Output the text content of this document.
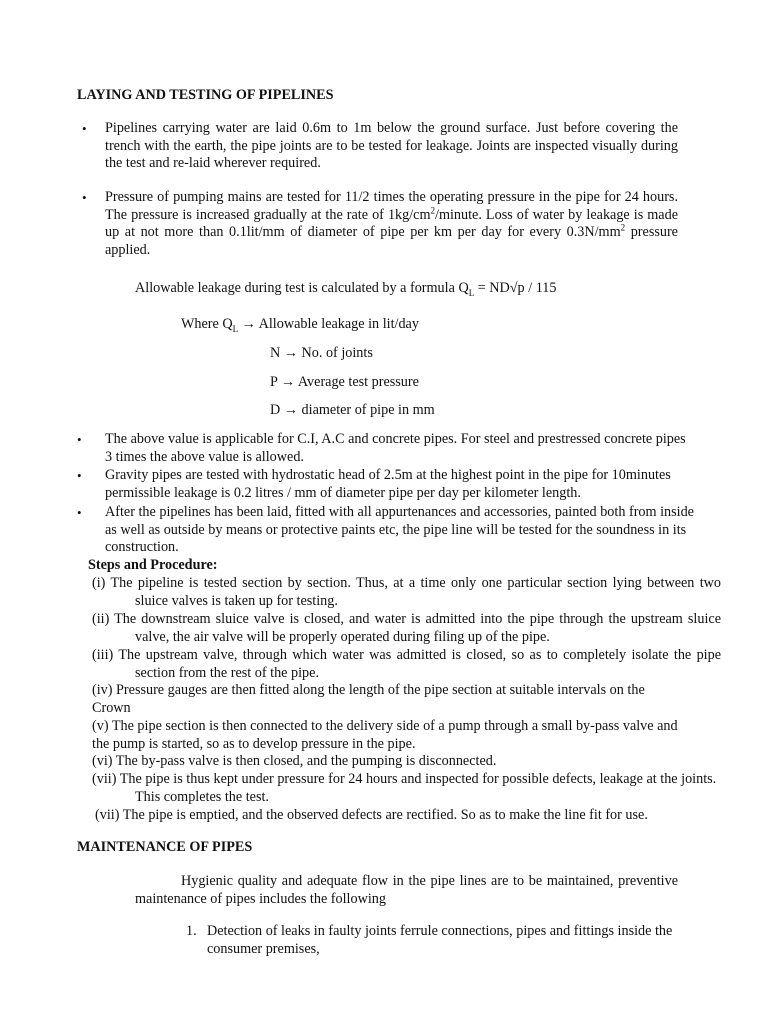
LAYING AND TESTING OF PIPELINES
• Pipelines carrying water are laid 0.6m to 1m below the ground surface. Just before covering the trench with the earth, the pipe joints are to be tested for leakage. Joints are inspected visually during the test and re-laid wherever required.
• Pressure of pumping mains are tested for 11/2 times the operating pressure in the pipe for 24 hours. The pressure is increased gradually at the rate of $1kg/cm^2$/minute. Loss of water by leakage is made up at not more than 0.1lit/mm of diameter of pipe per km per day for every $0.3N/mm^2$ pressure applied.
Allowable leakage during test is calculated by a formula $Q_L = ND√p / 115$
Where $Q_L$ → Allowable leakage in lit/day
N → No. of joints
P → Average test pressure
D → diameter of pipe in mm
• The above value is applicable for C.I, A.C and concrete pipes. For steel and prestressed concrete pipes 3 times the above value is allowed.
• Gravity pipes are tested with hydrostatic head of 2.5m at the highest point in the pipe for 10minutes permissible leakage is 0.2 litres / mm of diameter pipe per day per kilometer length.
• After the pipelines has been laid, fitted with all appurtenances and accessories, painted both from inside as well as outside by means or protective paints etc, the pipe line will be tested for the soundness in its construction.
Steps and Procedure:
(i) The pipeline is tested section by section. Thus, at a time only one particular section lying between two sluice valves is taken up for testing.
(ii) The downstream sluice valve is closed, and water is admitted into the pipe through the upstream sluice valve, the air valve will be properly operated during filing up of the pipe.
(iii) The upstream valve, through which water was admitted is closed, so as to completely isolate the pipe section from the rest of the pipe.
(iv) Pressure gauges are then fitted along the length of the pipe section at suitable intervals on the Crown
(v) The pipe section is then connected to the delivery side of a pump through a small by-pass valve and the pump is started, so as to develop pressure in the pipe.
(vi) The by-pass valve is then closed, and the pumping is disconnected.
(vii) The pipe is thus kept under pressure for 24 hours and inspected for possible defects, leakage at the joints. This completes the test.
(vii) The pipe is emptied, and the observed defects are rectified. So as to make the line fit for use.
MAINTENANCE OF PIPES
Hygienic quality and adequate flow in the pipe lines are to be maintained, preventive maintenance of pipes includes the following
1. Detection of leaks in faulty joints ferrule connections, pipes and fittings inside the consumer premises,
